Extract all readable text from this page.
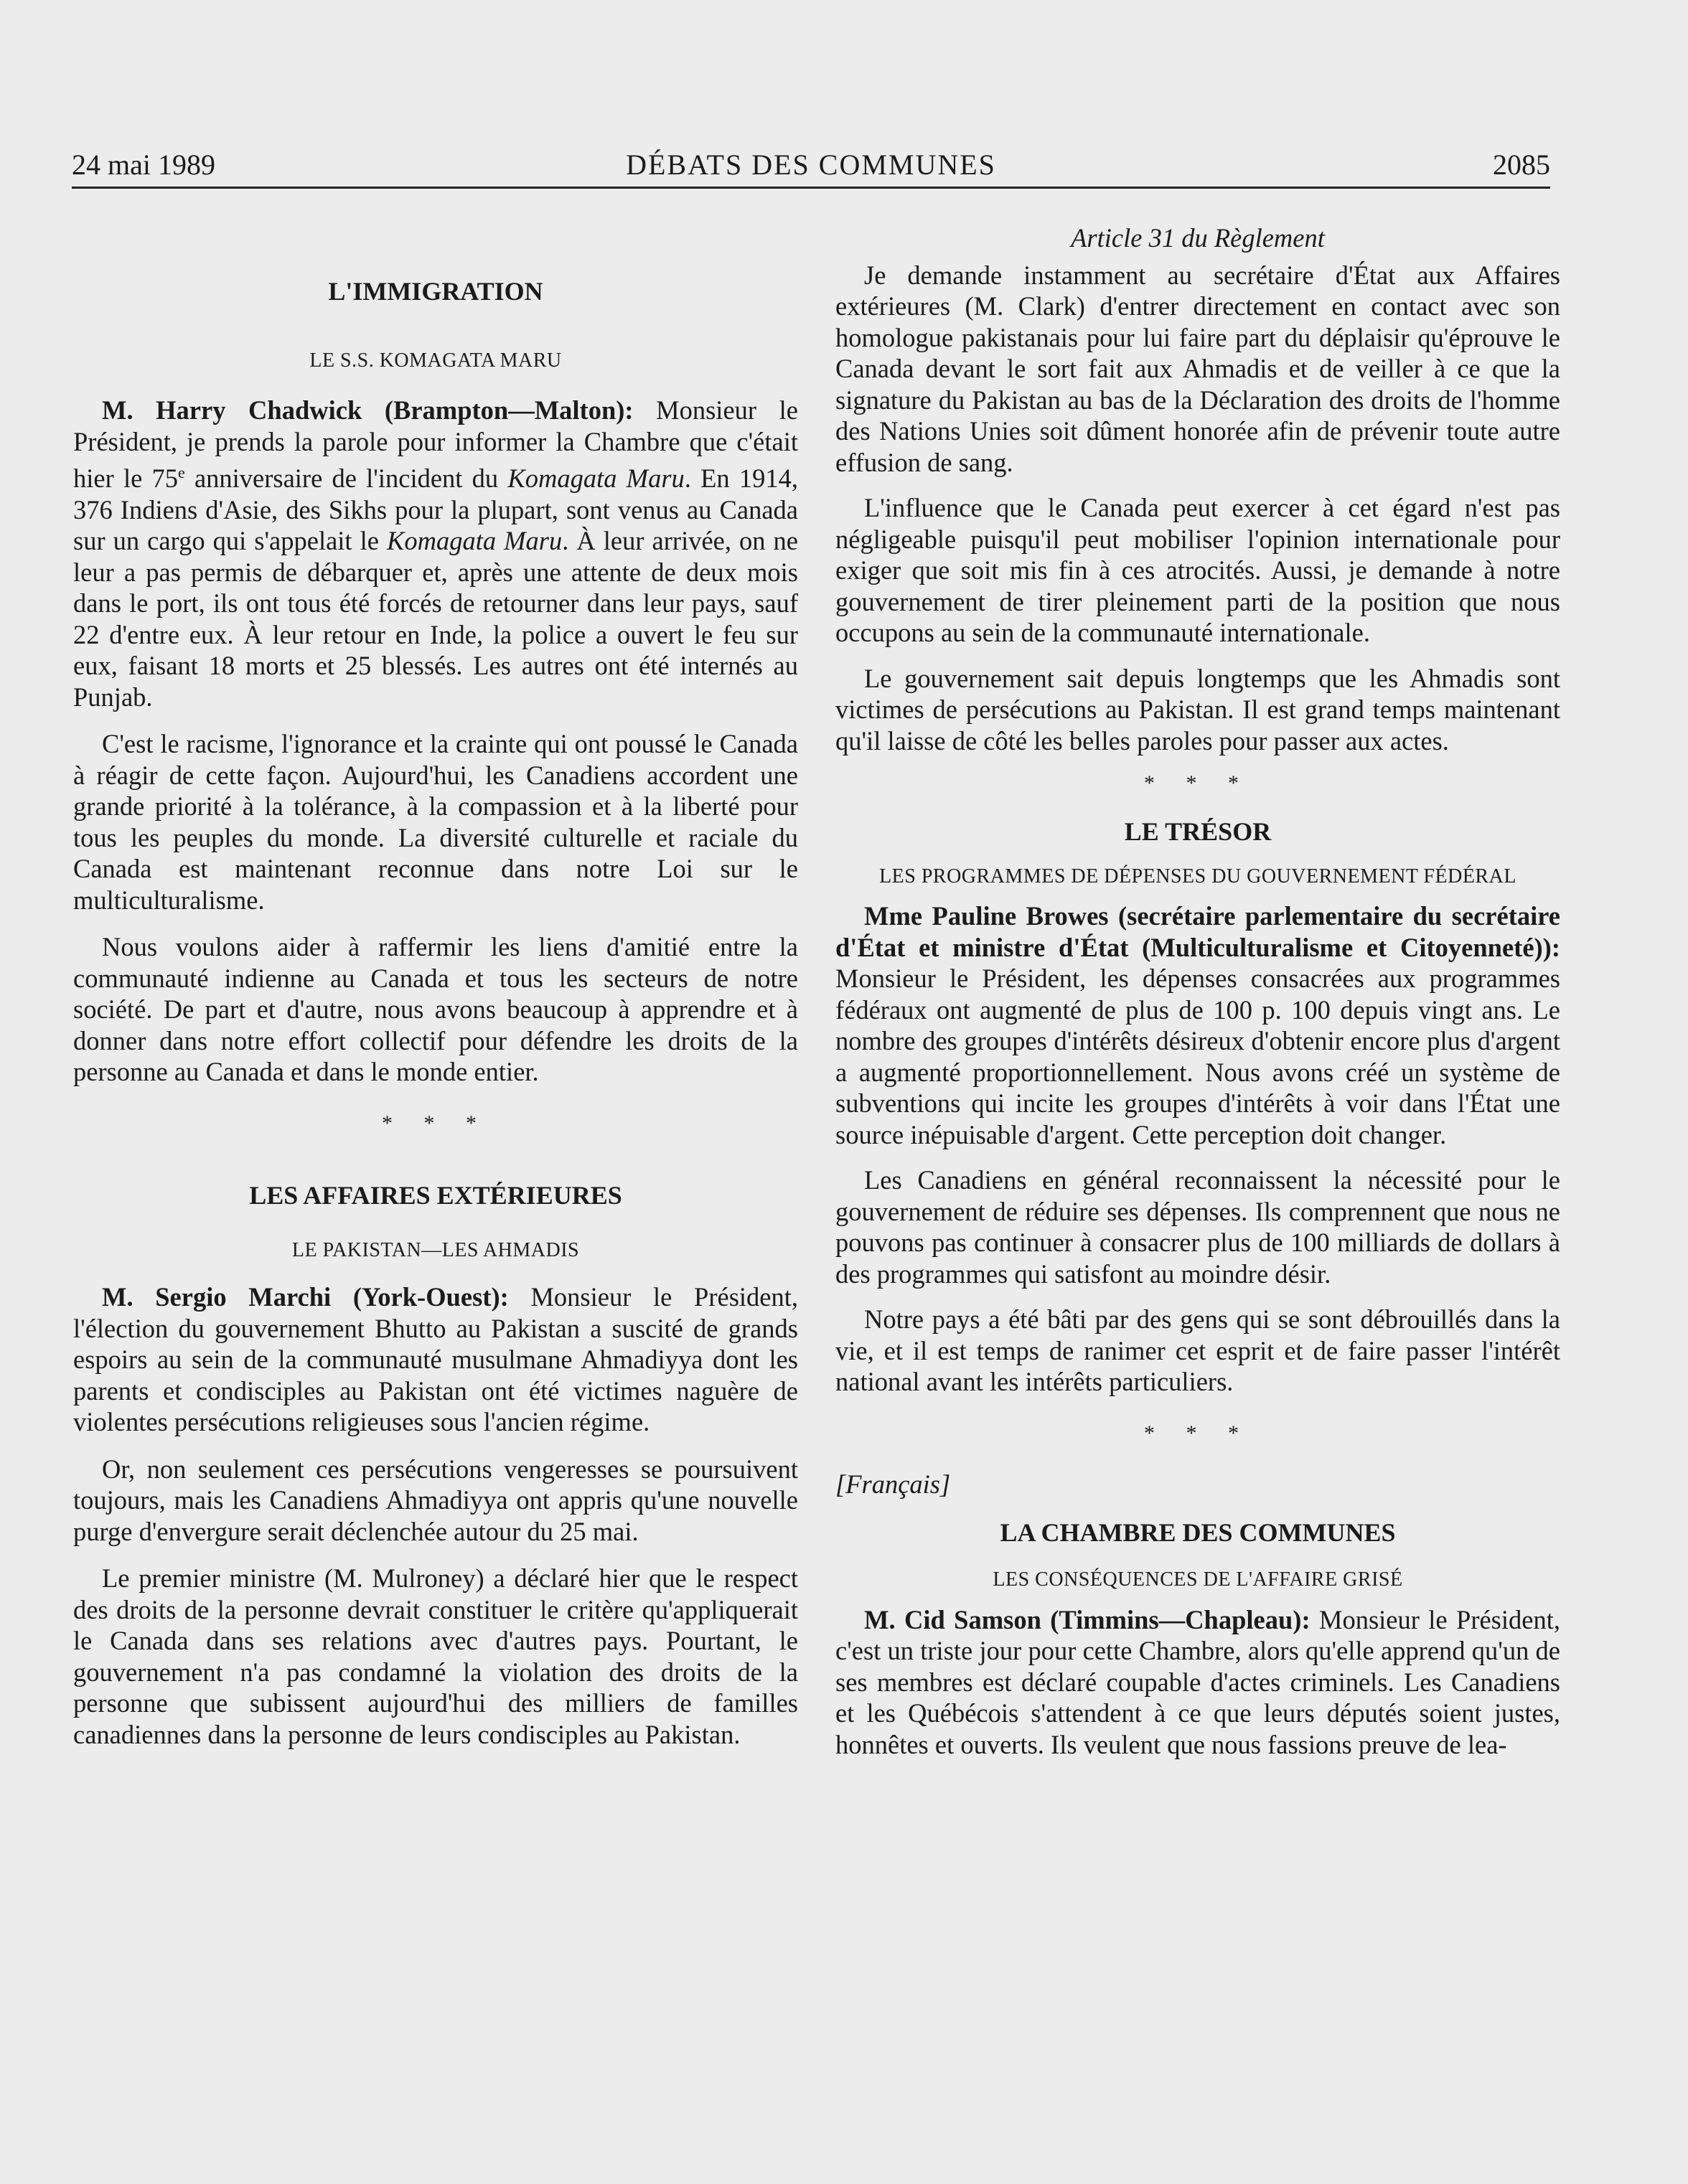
24 mai 1989	DÉBATS DES COMMUNES	2085

L'IMMIGRATION

LE S.S. KOMAGATA MARU

M. Harry Chadwick (Brampton—Malton): Monsieur le Président, je prends la parole pour informer la Chambre que c'était hier le 75e anniversaire de l'incident du Komagata Maru. En 1914, 376 Indiens d'Asie, des Sikhs pour la plupart, sont venus au Canada sur un cargo qui s'appelait le Komagata Maru. À leur arrivée, on ne leur a pas permis de débarquer et, après une attente de deux mois dans le port, ils ont tous été forcés de retourner dans leur pays, sauf 22 d'entre eux. À leur retour en Inde, la police a ouvert le feu sur eux, faisant 18 morts et 25 blessés. Les autres ont été internés au Punjab.

C'est le racisme, l'ignorance et la crainte qui ont poussé le Canada à réagir de cette façon. Aujourd'hui, les Canadiens accordent une grande priorité à la tolérance, à la compassion et à la liberté pour tous les peuples du monde. La diversité culturelle et raciale du Canada est maintenant reconnue dans notre Loi sur le multiculturalisme.

Nous voulons aider à raffermir les liens d'amitié entre la communauté indienne au Canada et tous les secteurs de notre société. De part et d'autre, nous avons beaucoup à apprendre et à donner dans notre effort collectif pour défendre les droits de la personne au Canada et dans le monde entier.

* * *

LES AFFAIRES EXTÉRIEURES

LE PAKISTAN—LES AHMADIS

M. Sergio Marchi (York-Ouest): Monsieur le Président, l'élection du gouvernement Bhutto au Pakistan a suscité de grands espoirs au sein de la communauté musulmane Ahmadiyya dont les parents et condisciples au Pakistan ont été victimes naguère de violentes persécutions religieuses sous l'ancien régime.

Or, non seulement ces persécutions vengeresses se poursuivent toujours, mais les Canadiens Ahmadiyya ont appris qu'une nouvelle purge d'envergure serait déclenchée autour du 25 mai.

Le premier ministre (M. Mulroney) a déclaré hier que le respect des droits de la personne devrait constituer le critère qu'appliquerait le Canada dans ses relations avec d'autres pays. Pourtant, le gouvernement n'a pas condamné la violation des droits de la personne que subissent aujourd'hui des milliers de familles canadiennes dans la personne de leurs condisciples au Pakistan.

Article 31 du Règlement

Je demande instamment au secrétaire d'État aux Affaires extérieures (M. Clark) d'entrer directement en contact avec son homologue pakistanais pour lui faire part du déplaisir qu'éprouve le Canada devant le sort fait aux Ahmadis et de veiller à ce que la signature du Pakistan au bas de la Déclaration des droits de l'homme des Nations Unies soit dûment honorée afin de prévenir toute autre effusion de sang.

L'influence que le Canada peut exercer à cet égard n'est pas négligeable puisqu'il peut mobiliser l'opinion internationale pour exiger que soit mis fin à ces atrocités. Aussi, je demande à notre gouvernement de tirer pleinement parti de la position que nous occupons au sein de la communauté internationale.

Le gouvernement sait depuis longtemps que les Ahmadis sont victimes de persécutions au Pakistan. Il est grand temps maintenant qu'il laisse de côté les belles paroles pour passer aux actes.

* * *

LE TRÉSOR

LES PROGRAMMES DE DÉPENSES DU GOUVERNEMENT FÉDÉRAL

Mme Pauline Browes (secrétaire parlementaire du secrétaire d'État et ministre d'État (Multiculturalisme et Citoyenneté)): Monsieur le Président, les dépenses consacrées aux programmes fédéraux ont augmenté de plus de 100 p. 100 depuis vingt ans. Le nombre des groupes d'intérêts désireux d'obtenir encore plus d'argent a augmenté proportionnellement. Nous avons créé un système de subventions qui incite les groupes d'intérêts à voir dans l'État une source inépuisable d'argent. Cette perception doit changer.

Les Canadiens en général reconnaissent la nécessité pour le gouvernement de réduire ses dépenses. Ils comprennent que nous ne pouvons pas continuer à consacrer plus de 100 milliards de dollars à des programmes qui satisfont au moindre désir.

Notre pays a été bâti par des gens qui se sont débrouillés dans la vie, et il est temps de ranimer cet esprit et de faire passer l'intérêt national avant les intérêts particuliers.

* * *

[Français]

LA CHAMBRE DES COMMUNES

LES CONSÉQUENCES DE L'AFFAIRE GRISÉ

M. Cid Samson (Timmins—Chapleau): Monsieur le Président, c'est un triste jour pour cette Chambre, alors qu'elle apprend qu'un de ses membres est déclaré coupable d'actes criminels. Les Canadiens et les Québécois s'attendent à ce que leurs députés soient justes, honnêtes et ouverts. Ils veulent que nous fassions preuve de lea-
